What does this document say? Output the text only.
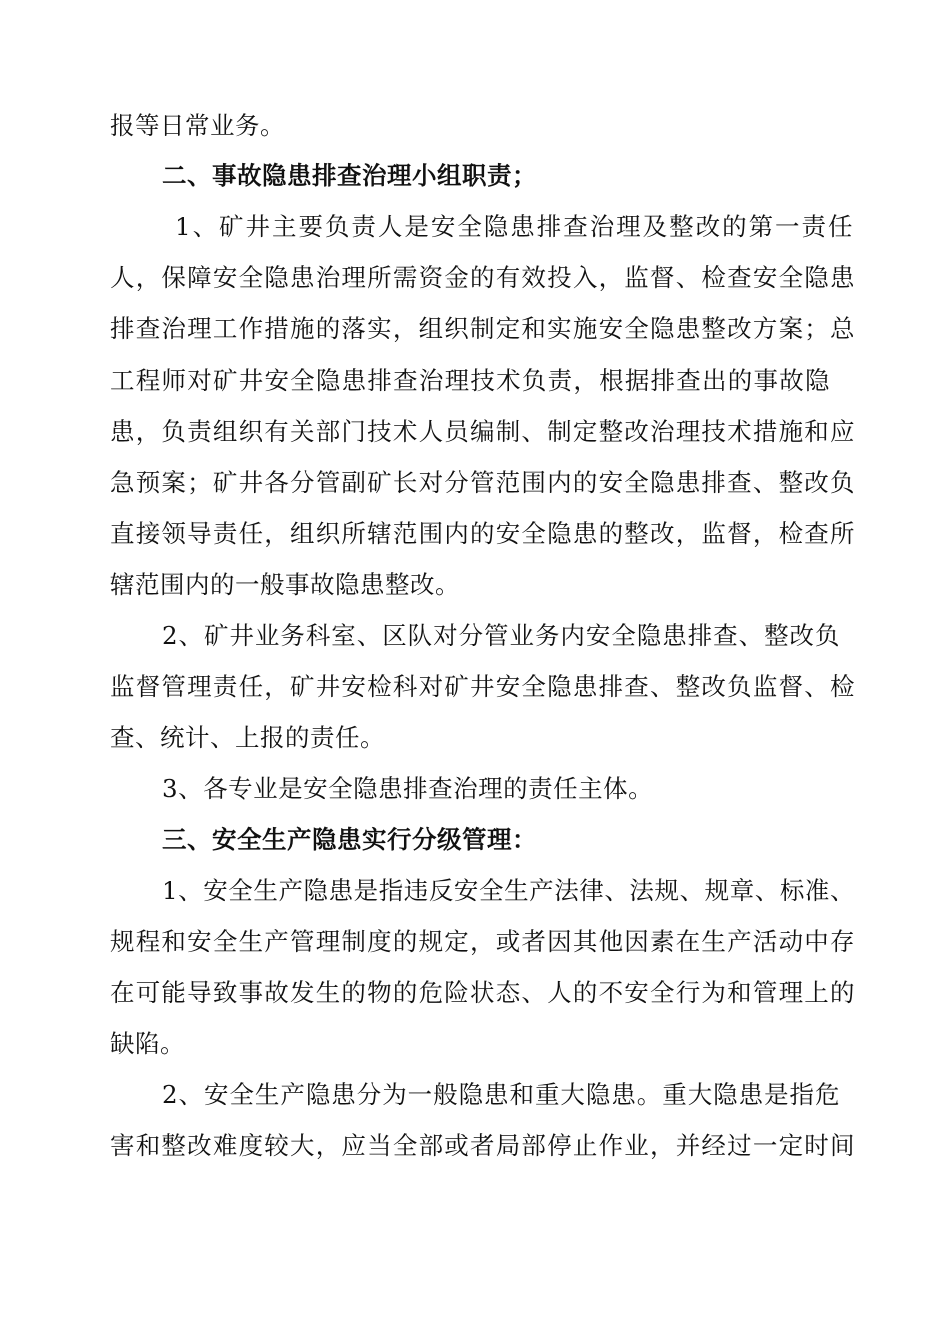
报等日常业务。
二、事故隐患排查治理小组职责；
1、矿井主要负责人是安全隐患排查治理及整改的第一责任
人，保障安全隐患治理所需资金的有效投入，监督、检查安全隐患
排查治理工作措施的落实，组织制定和实施安全隐患整改方案；总
工程师对矿井安全隐患排查治理技术负责，根据排查出的事故隐
患，负责组织有关部门技术人员编制、制定整改治理技术措施和应
急预案；矿井各分管副矿长对分管范围内的安全隐患排查、整改负
直接领导责任，组织所辖范围内的安全隐患的整改，监督，检查所
辖范围内的一般事故隐患整改。
2、矿井业务科室、区队对分管业务内安全隐患排查、整改负
监督管理责任，矿井安检科对矿井安全隐患排查、整改负监督、检
查、统计、上报的责任。
3、各专业是安全隐患排查治理的责任主体。
三、安全生产隐患实行分级管理：
1、安全生产隐患是指违反安全生产法律、法规、规章、标准、
规程和安全生产管理制度的规定，或者因其他因素在生产活动中存
在可能导致事故发生的物的危险状态、人的不安全行为和管理上的
缺陷。
2、安全生产隐患分为一般隐患和重大隐患。重大隐患是指危
害和整改难度较大，应当全部或者局部停止作业，并经过一定时间
